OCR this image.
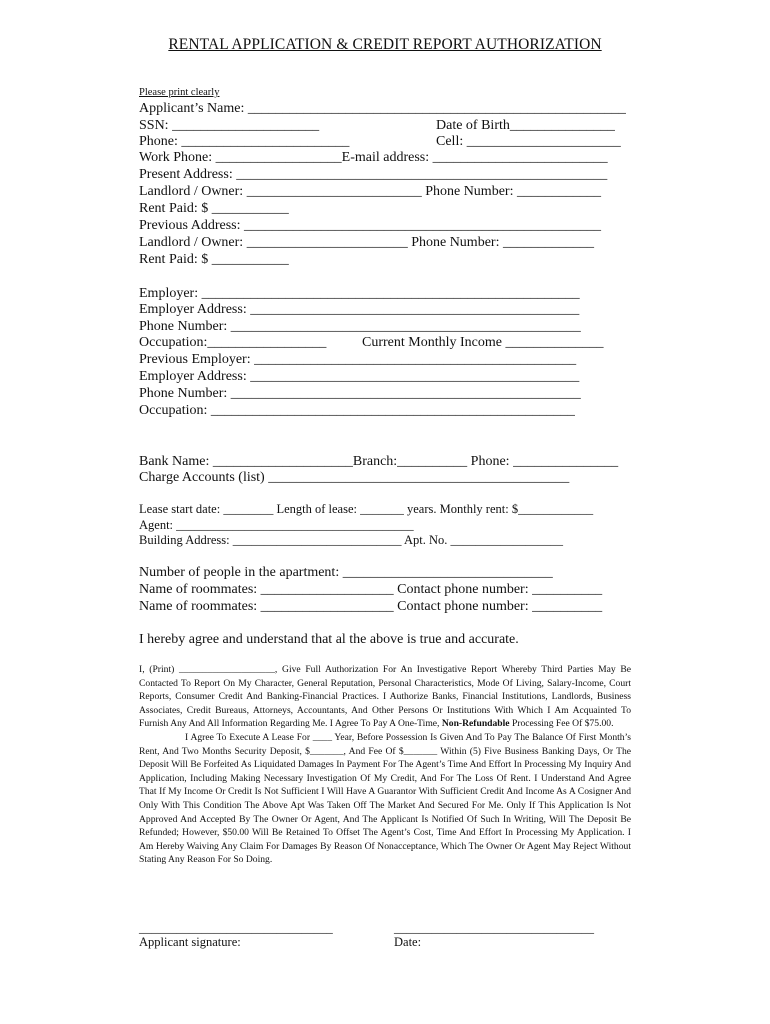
RENTAL APPLICATION & CREDIT REPORT AUTHORIZATION
Please print clearly
Applicant’s Name: ______________________________________________________
SSN: _____________________	Date of Birth_______________
Phone: ________________________	Cell: ______________________
Work Phone: __________________E-mail address: _________________________
Present Address: _____________________________________________________
Landlord / Owner: _________________________ Phone Number: ____________
Rent Paid: $ ___________
Previous Address: ___________________________________________________
Landlord / Owner: _______________________ Phone Number: _____________
Rent Paid: $ ___________
Employer: ______________________________________________________
Employer Address: _______________________________________________
Phone Number: __________________________________________________
Occupation:_________________	Current Monthly Income ______________
Previous Employer: ______________________________________________
Employer Address: _______________________________________________
Phone Number: __________________________________________________
Occupation: ____________________________________________________
Bank Name: ____________________Branch:__________ Phone: _______________
Charge Accounts (list) ___________________________________________
Lease start date: ________ Length of lease: _______ years. Monthly rent: $____________
Agent: ______________________________________
Building Address: ___________________________ Apt. No. __________________
Number of people in the apartment: ______________________________
Name of roommates: ___________________ Contact phone number: __________
Name of roommates: ___________________ Contact phone number: __________
I hereby agree and understand that al the above is true and accurate.

I, (Print) ____________________, Give Full Authorization For An Investigative Report Whereby Third Parties May Be Contacted To Report On My Character, General Reputation, Personal Characteristics, Mode Of Living, Salary-Income, Court Reports, Consumer Credit And Banking-Financial Practices. I Authorize Banks, Financial Institutions, Landlords, Business Associates, Credit Bureaus, Attorneys, Accountants, And Other Persons Or Institutions With Which I Am Acquainted To Furnish Any And All Information Regarding Me. I Agree To Pay A One-Time, Non-Refundable Processing Fee Of $75.00.

I Agree To Execute A Lease For ____ Year, Before Possession Is Given And To Pay The Balance Of First Month’s Rent, And Two Months Security Deposit, $_______, And Fee Of $_______ Within (5) Five Business Banking Days, Or The Deposit Will Be Forfeited As Liquidated Damages In Payment For The Agent’s Time And Effort In Processing My Inquiry And Application, Including Making Necessary Investigation Of My Credit, And For The Loss Of Rent. I Understand And Agree That If My Income Or Credit Is Not Sufficient I Will Have A Guarantor With Sufficient Credit And Income As A Cosigner And Only With This Condition The Above Apt Was Taken Off The Market And Secured For Me. Only If This Application Is Not Approved And Accepted By The Owner Or Agent, And The Applicant Is Notified Of Such In Writing, Will The Deposit Be Refunded; However, $50.00 Will Be Retained To Offset The Agent’s Cost, Time And Effort In Processing My Application. I Am Hereby Waiving Any Claim For Damages By Reason Of Nonacceptance, Which The Owner Or Agent May Reject Without Stating Any Reason For So Doing.

_______________________________
Applicant signature:
________________________________
Date:
